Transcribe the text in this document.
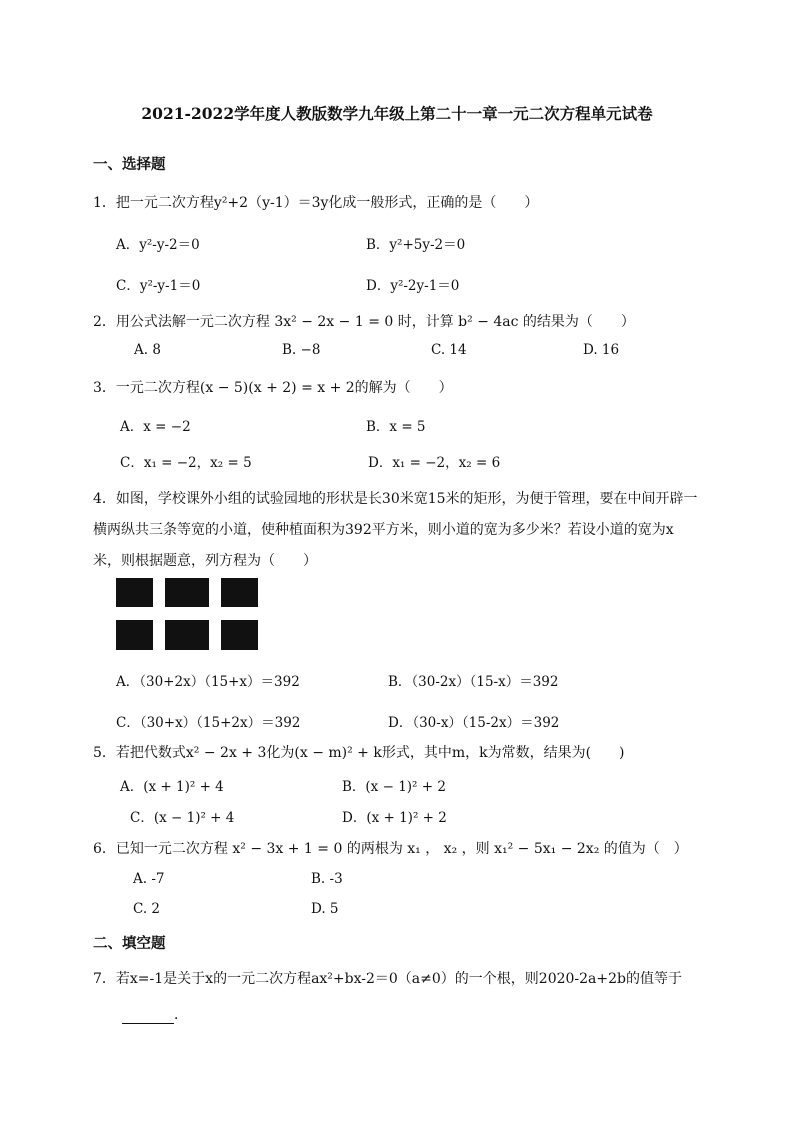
2021-2022学年度人教版数学九年级上第二十一章一元二次方程单元试卷
一、选择题
1．把一元二次方程y²+2（y-1）＝3y化成一般形式，正确的是（　　）
A．y²-y-2＝0	B．y²+5y-2＝0
C．y²-y-1＝0	D．y²-2y-1＝0
2．用公式法解一元二次方程 3x² − 2x − 1 = 0 时，计算 b² − 4ac 的结果为（　　）
A. 8	B. −8	C. 14	D. 16
3．一元二次方程(x − 5)(x + 2) = x + 2的解为（　　）
A．x = −2	B．x = 5
C．x₁ = −2，x₂ = 5	D．x₁ = −2，x₂ = 6
4．如图，学校课外小组的试验园地的形状是长30米宽15米的矩形，为便于管理，要在中间开辟一
横两纵共三条等宽的小道，使种植面积为392平方米，则小道的宽为多少米？若设小道的宽为x
米，则根据题意，列方程为（　　）
A．（30+2x）（15+x）＝392	B．（30-2x）（15-x）＝392
C．（30+x）（15+2x）＝392	D．（30-x）（15-2x）＝392
5．若把代数式x² − 2x + 3化为(x − m)² + k形式，其中m，k为常数，结果为(　　)
A．(x + 1)² + 4	B．(x − 1)² + 2
C．(x − 1)² + 4	D．(x + 1)² + 2
6．已知一元二次方程 x² − 3x + 1 = 0 的两根为 x₁ ， x₂ ，则 x₁² − 5x₁ − 2x₂ 的值为（　）
A. -7	B. -3
C. 2	D. 5
二、填空题
7．若x=-1是关于x的一元二次方程ax²+bx-2＝0（a≠0）的一个根，则2020-2a+2b的值等于
．
